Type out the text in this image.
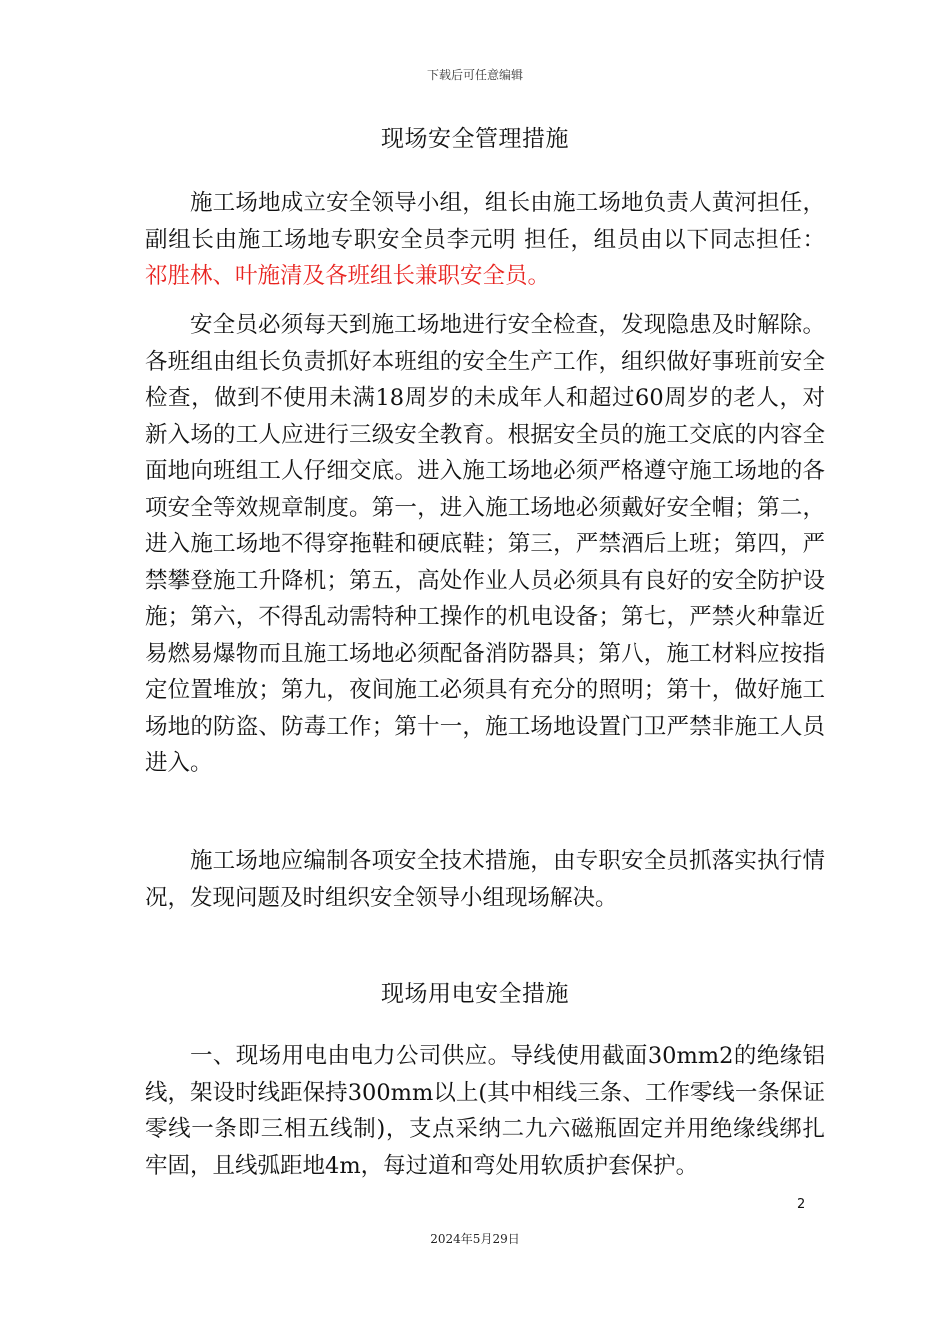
下载后可任意编辑
现场安全管理措施

施工场地成立安全领导小组，组长由施工场地负责人黄河担任，副组长由施工场地专职安全员李元明 担任，组员由以下同志担任：祁胜林、叶施清及各班组长兼职安全员。

安全员必须每天到施工场地进行安全检查，发现隐患及时解除。各班组由组长负责抓好本班组的安全生产工作，组织做好事班前安全检查，做到不使用未满18周岁的未成年人和超过60周岁的老人，对新入场的工人应进行三级安全教育。根据安全员的施工交底的内容全面地向班组工人仔细交底。进入施工场地必须严格遵守施工场地的各项安全等效规章制度。第一，进入施工场地必须戴好安全帽；第二，进入施工场地不得穿拖鞋和硬底鞋；第三，严禁酒后上班；第四，严禁攀登施工升降机；第五，高处作业人员必须具有良好的安全防护设施；第六，不得乱动需特种工操作的机电设备；第七，严禁火种靠近易燃易爆物而且施工场地必须配备消防器具；第八，施工材料应按指定位置堆放；第九，夜间施工必须具有充分的照明；第十，做好施工场地的防盗、防毒工作；第十一，施工场地设置门卫严禁非施工人员进入。

施工场地应编制各项安全技术措施，由专职安全员抓落实执行情况，发现问题及时组织安全领导小组现场解决。

现场用电安全措施

一、现场用电由电力公司供应。导线使用截面30mm2的绝缘铝线，架设时线距保持300mm以上(其中相线三条、工作零线一条保证零线一条即三相五线制)，支点采纳二九六磁瓶固定并用绝缘线绑扎牢固，且线弧距地4m，每过道和弯处用软质护套保护。

2
2024年5月29日
